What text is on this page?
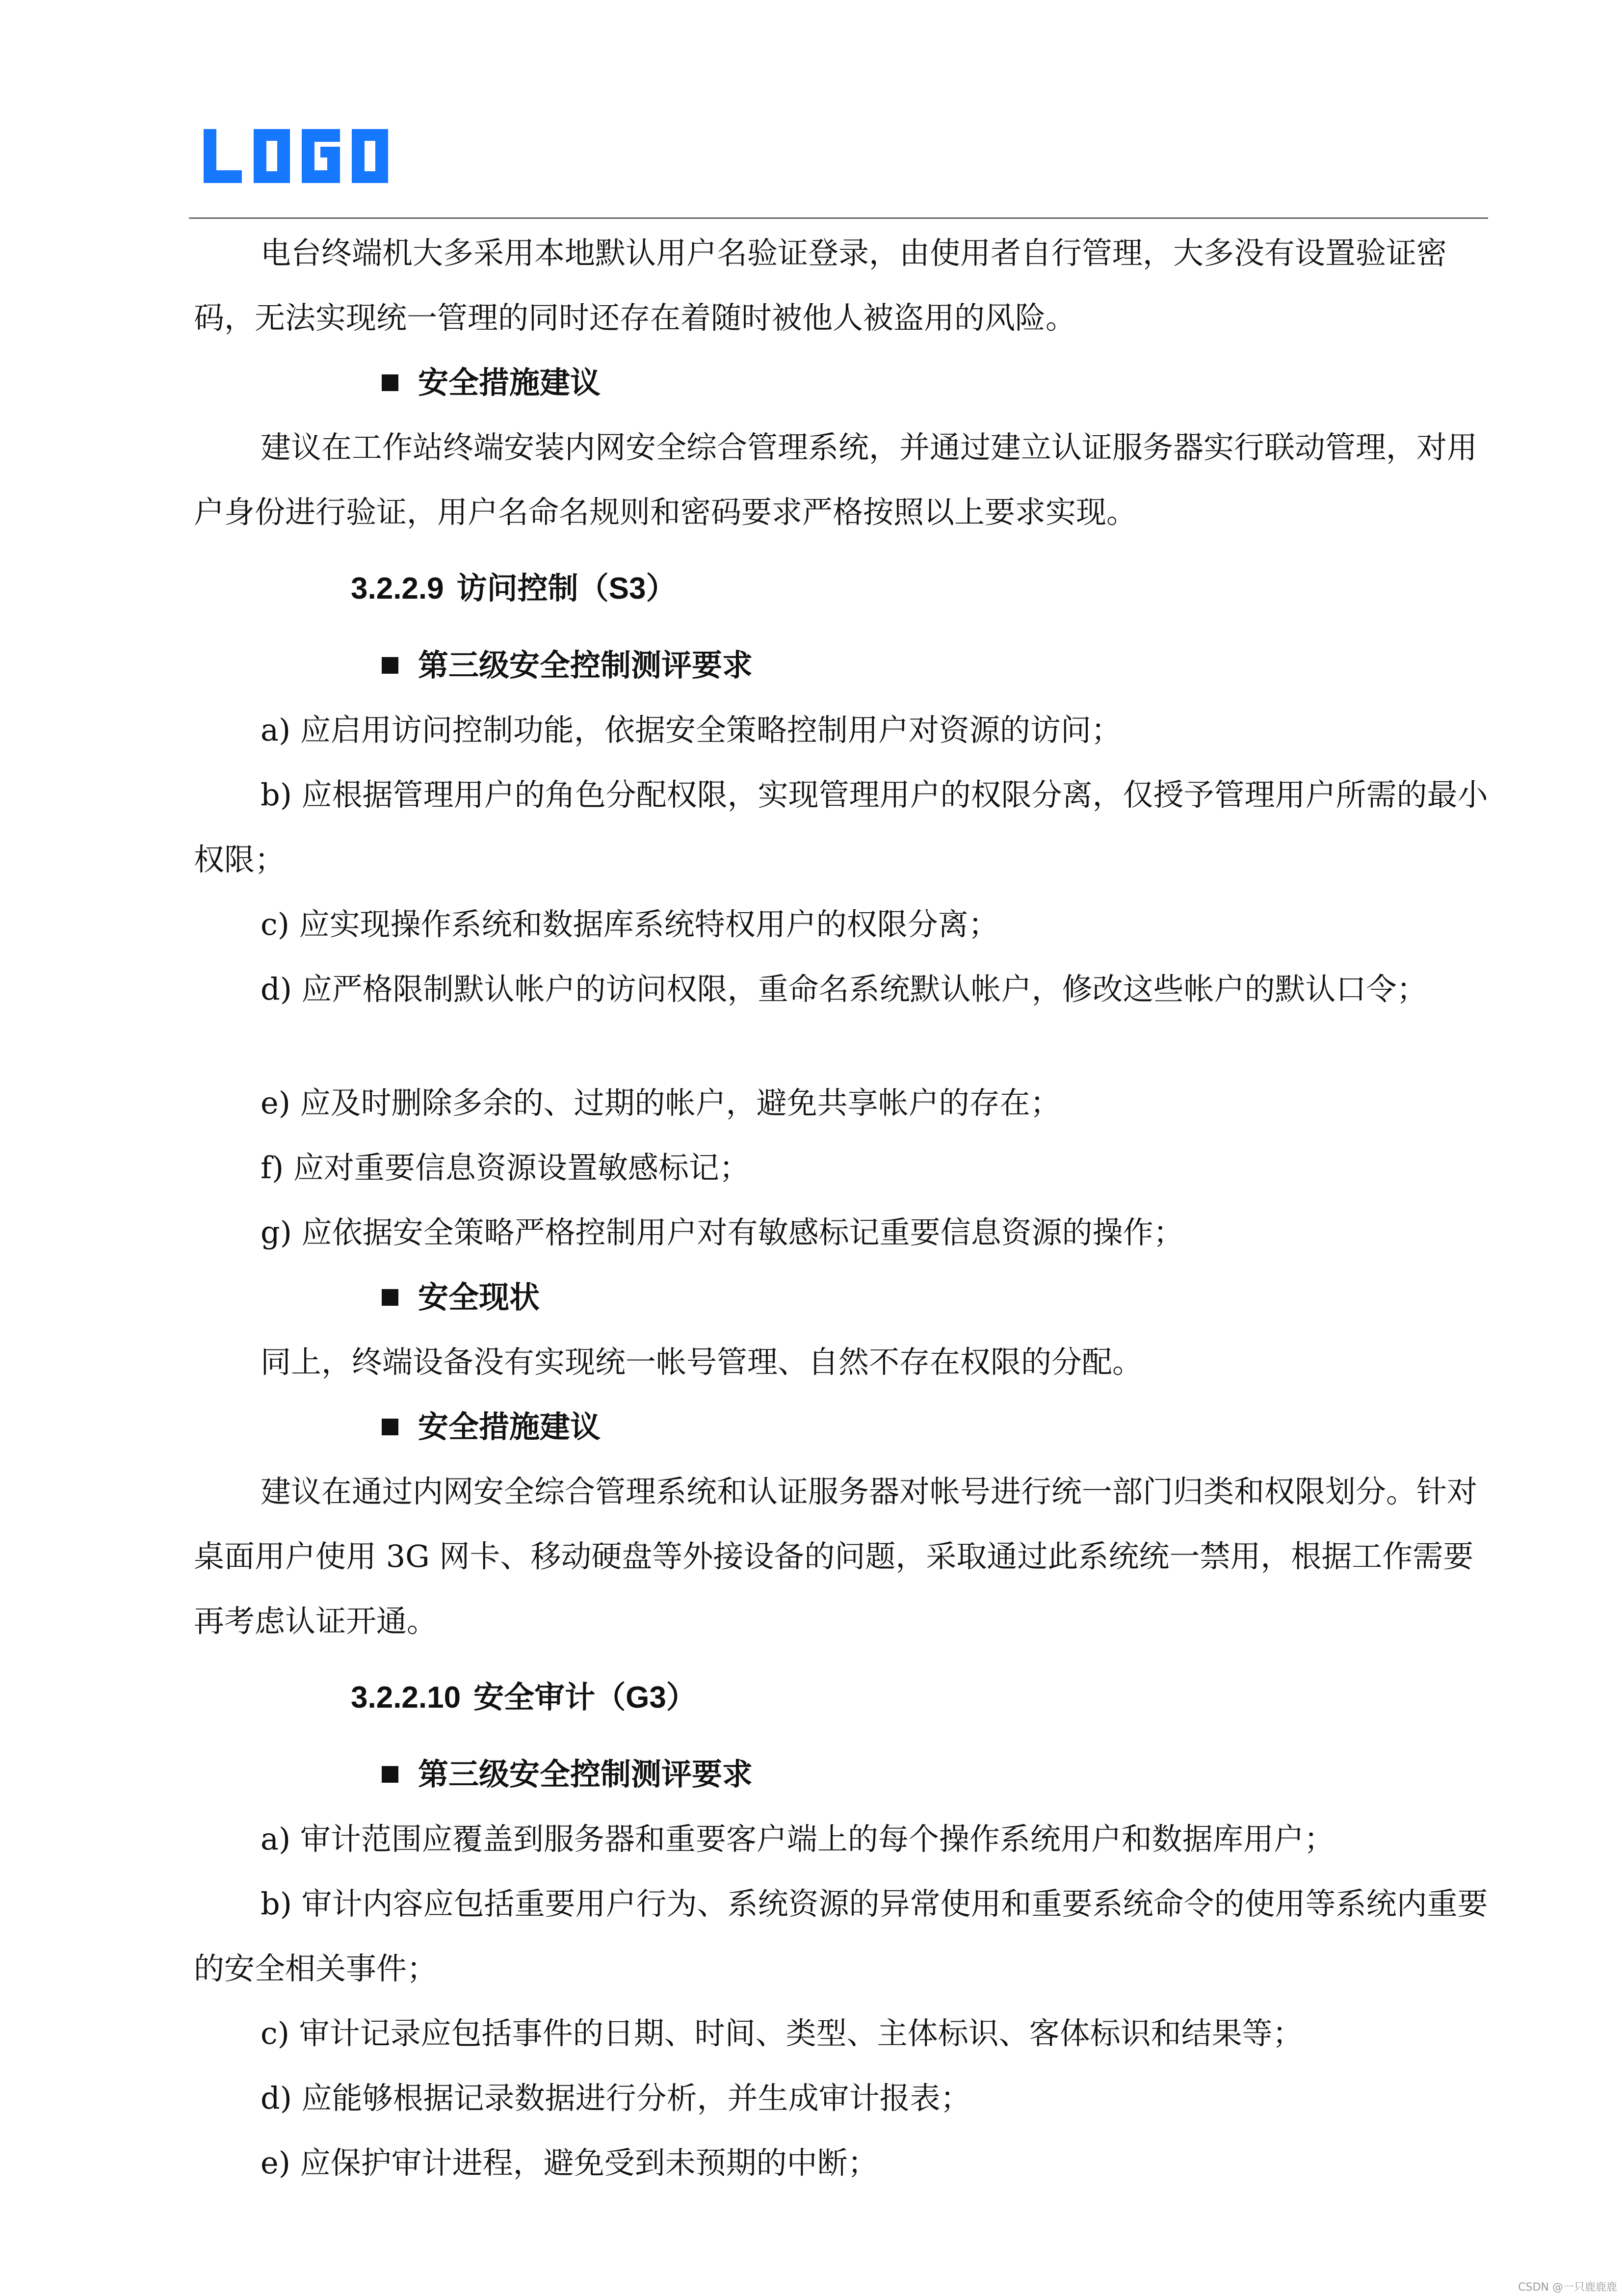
电台终端机大多采用本地默认用户名验证登录，由使用者自行管理，大多没有设置验证密码，无法实现统一管理的同时还存在着随时被他人被盗用的风险。

安全措施建议

建议在工作站终端安装内网安全综合管理系统，并通过建立认证服务器实行联动管理，对用户身份进行验证，用户名命名规则和密码要求严格按照以上要求实现。

3.2.2.9 访问控制（S3）

第三级安全控制测评要求

a) 应启用访问控制功能，依据安全策略控制用户对资源的访问；

b) 应根据管理用户的角色分配权限，实现管理用户的权限分离，仅授予管理用户所需的最小权限；

c) 应实现操作系统和数据库系统特权用户的权限分离；

d) 应严格限制默认帐户的访问权限，重命名系统默认帐户，修改这些帐户的默认口令；

e) 应及时删除多余的、过期的帐户，避免共享帐户的存在；

f) 应对重要信息资源设置敏感标记；

g) 应依据安全策略严格控制用户对有敏感标记重要信息资源的操作；

安全现状

同上，终端设备没有实现统一帐号管理、自然不存在权限的分配。

安全措施建议

建议在通过内网安全综合管理系统和认证服务器对帐号进行统一部门归类和权限划分。针对桌面用户使用 3G 网卡、移动硬盘等外接设备的问题，采取通过此系统统一禁用，根据工作需要再考虑认证开通。

3.2.2.10 安全审计（G3）

第三级安全控制测评要求

a) 审计范围应覆盖到服务器和重要客户端上的每个操作系统用户和数据库用户；

b) 审计内容应包括重要用户行为、系统资源的异常使用和重要系统命令的使用等系统内重要的安全相关事件；

c) 审计记录应包括事件的日期、时间、类型、主体标识、客体标识和结果等；

d) 应能够根据记录数据进行分析，并生成审计报表；

e) 应保护审计进程，避免受到未预期的中断；

CSDN @一只鹿鹿鹿
